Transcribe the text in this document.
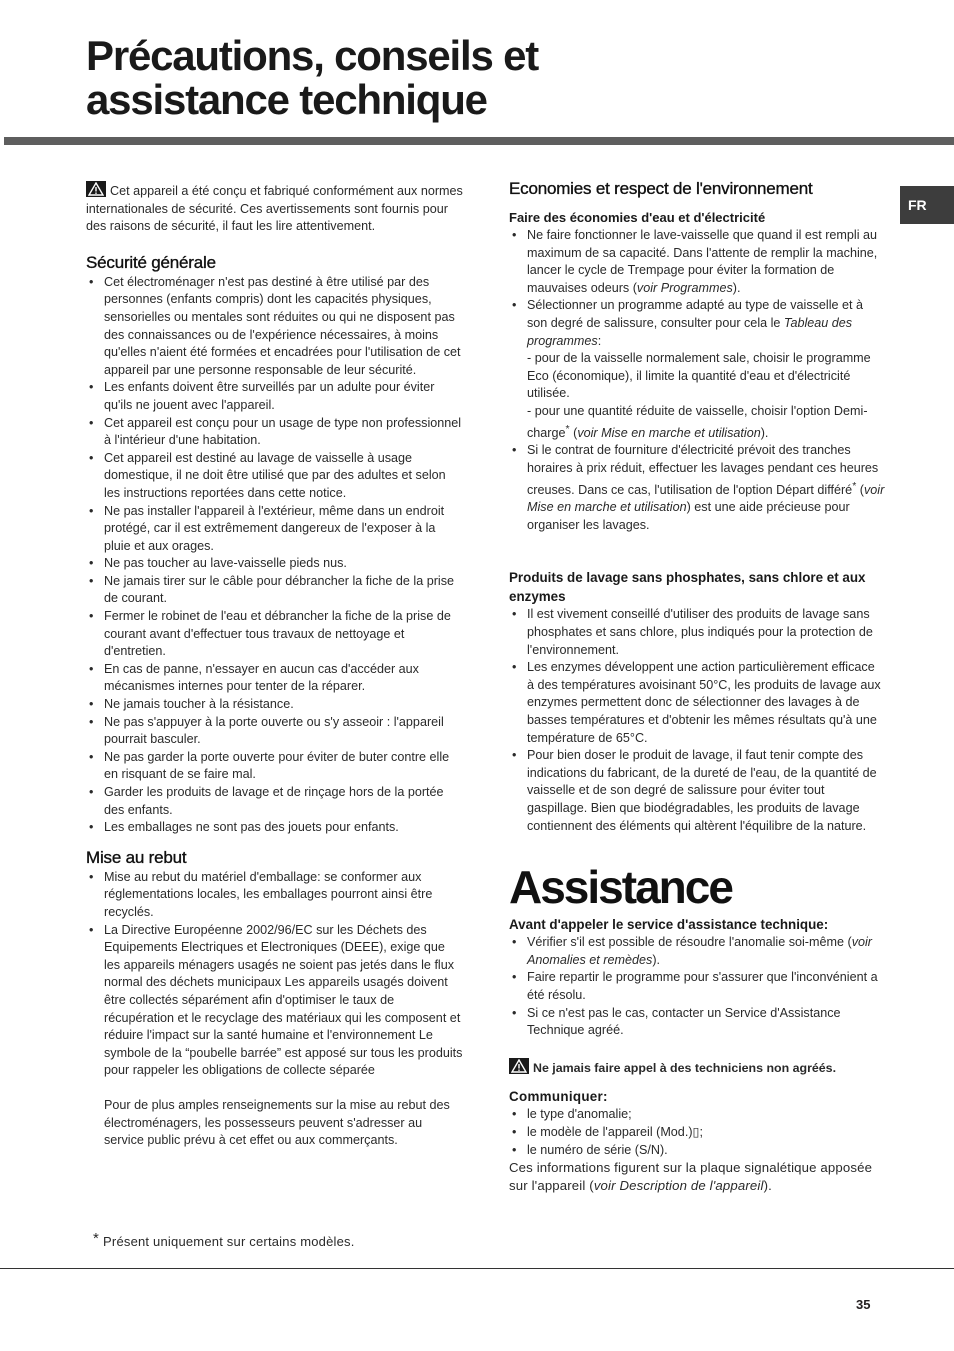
Précautions, conseils et
assistance technique
FR

Cet appareil a été conçu et fabriqué conformément aux normes internationales de sécurité. Ces avertissements sont fournis pour des raisons de sécurité, il faut les lire attentivement.

Sécurité générale
• Cet électroménager n'est pas destiné à être utilisé par des personnes (enfants compris) dont les capacités physiques, sensorielles ou mentales sont réduites ou qui ne disposent pas des connaissances ou de l'expérience nécessaires, à moins qu'elles n'aient été formées et encadrées pour l'utilisation de cet appareil par une personne responsable de leur sécurité.
• Les enfants doivent être surveillés par un adulte pour éviter qu'ils ne jouent avec l'appareil.
• Cet appareil est conçu pour un usage de type non professionnel à l'intérieur d'une habitation.
• Cet appareil est destiné au lavage de vaisselle à usage domestique, il ne doit être utilisé que par des adultes et selon les instructions reportées dans cette notice.
• Ne pas installer l'appareil à l'extérieur, même dans un endroit protégé, car il est extrêmement dangereux de l'exposer à la pluie et aux orages.
• Ne pas toucher au lave-vaisselle pieds nus.
• Ne jamais tirer sur le câble pour débrancher la fiche de la prise de courant.
• Fermer le robinet de l'eau et débrancher la fiche de la prise de courant avant d'effectuer tous travaux de nettoyage et d'entretien.
• En cas de panne, n'essayer en aucun cas d'accéder aux mécanismes internes pour tenter de la réparer.
• Ne jamais toucher à la résistance.
• Ne pas s'appuyer à la porte ouverte ou s'y asseoir : l'appareil pourrait basculer.
• Ne pas garder la porte ouverte pour éviter de buter contre elle en risquant de se faire mal.
• Garder les produits de lavage et de rinçage hors de la portée des enfants.
• Les emballages ne sont pas des jouets pour enfants.
Mise au rebut
• Mise au rebut du matériel d'emballage: se conformer aux réglementations locales, les emballages pourront ainsi être recyclés.
• La Directive Européenne 2002/96/EC sur les Déchets des Equipements Electriques et Electroniques (DEEE), exige que les appareils ménagers usagés ne soient pas jetés dans le flux normal des déchets municipaux Les appareils usagés doivent être collectés séparément afin d'optimiser le taux de récupération et le recyclage des matériaux qui les composent et réduire l'impact sur la santé humaine et l'environnement Le symbole de la “poubelle barrée” est apposé sur tous les produits pour rappeler les obligations de collecte séparée

Pour de plus amples renseignements sur la mise au rebut des électroménagers, les possesseurs peuvent s'adresser au service public prévu à cet effet ou aux commerçants.

* Présent uniquement sur certains modèles.
Economies et respect de l'environnement
Faire des économies d'eau et d'électricité
• Ne faire fonctionner le lave-vaisselle que quand il est rempli au maximum de sa capacité. Dans l'attente de remplir la machine, lancer le cycle de Trempage pour éviter la formation de mauvaises odeurs (voir Programmes).
• Sélectionner un programme adapté au type de vaisselle et à son degré de salissure, consulter pour cela le Tableau des programmes:
- pour de la vaisselle normalement sale, choisir le programme Eco (économique), il limite la quantité d'eau et d'électricité utilisée.
- pour une quantité réduite de vaisselle, choisir l'option Demi-charge* (voir Mise en marche et utilisation).
• Si le contrat de fourniture d'électricité prévoit des tranches horaires à prix réduit, effectuer les lavages pendant ces heures creuses. Dans ce cas, l'utilisation de l'option Départ différé* (voir Mise en marche et utilisation) est une aide précieuse pour organiser les lavages.
Produits de lavage sans phosphates, sans chlore et aux enzymes
• Il est vivement conseillé d'utiliser des produits de lavage sans phosphates et sans chlore, plus indiqués pour la protection de l'environnement.
• Les enzymes développent une action particulièrement efficace à des températures avoisinant 50°C, les produits de lavage aux enzymes permettent donc de sélectionner des lavages à de basses températures et d'obtenir les mêmes résultats qu'à une température de 65°C.
• Pour bien doser le produit de lavage, il faut tenir compte des indications du fabricant, de la dureté de l'eau, de la quantité de vaisselle et de son degré de salissure pour éviter tout gaspillage. Bien que biodégradables, les produits de lavage contiennent des éléments qui altèrent l'équilibre de la nature.
Assistance
Avant d'appeler le service d'assistance technique:
• Vérifier s'il est possible de résoudre l'anomalie soi-même (voir Anomalies et remèdes).
• Faire repartir le programme pour s'assurer que l'inconvénient a été résolu.
• Si ce n'est pas le cas, contacter un Service d'Assistance Technique agréé.

Ne jamais faire appel à des techniciens non agréés.

Communiquer:
• le type d'anomalie;
• le modèle de l'appareil (Mod.)▯;
• le numéro de série (S/N).

Ces informations figurent sur la plaque signalétique apposée sur l'appareil (voir Description de l'appareil).

35
